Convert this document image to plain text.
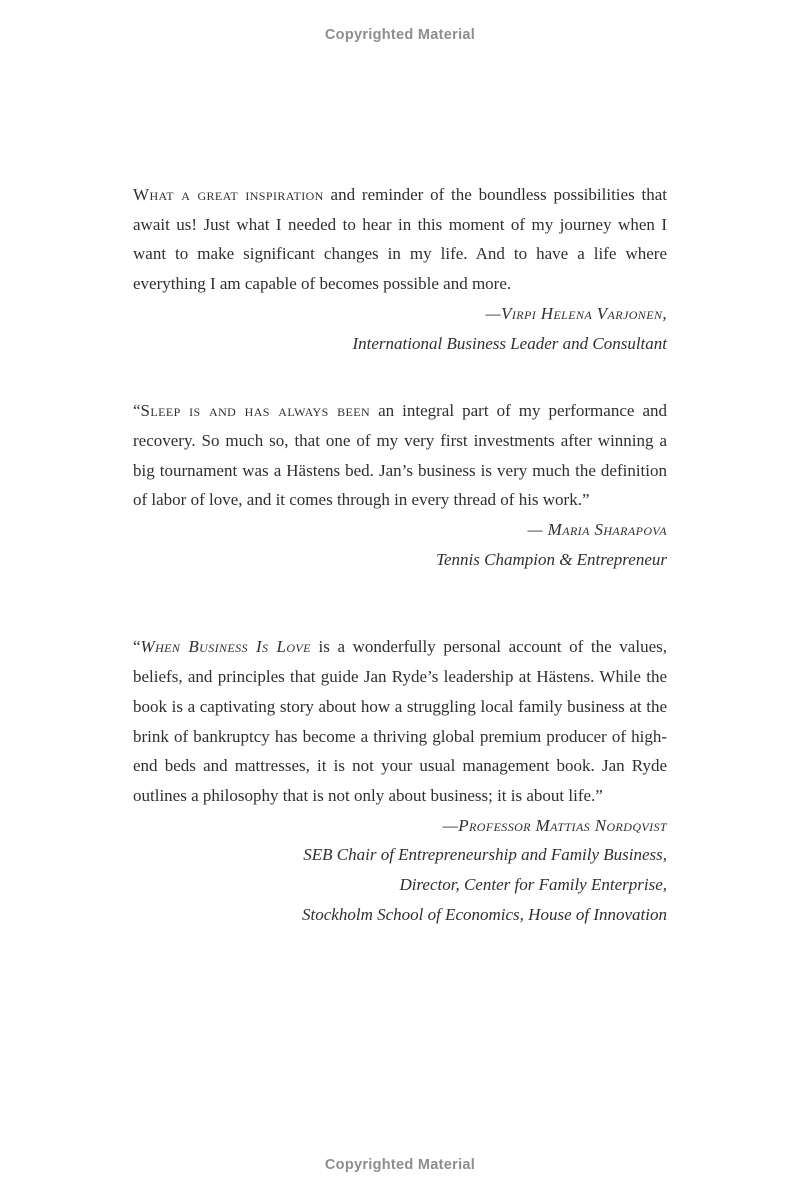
Copyrighted Material

What a great inspiration and reminder of the boundless possibilities that await us! Just what I needed to hear in this moment of my journey when I want to make significant changes in my life. And to have a life where everything I am capable of becomes possible and more.

—Virpi Helena Varjonen,
International Business Leader and Consultant

“Sleep is and has always been an integral part of my performance and recovery. So much so, that one of my very first investments after winning a big tournament was a Hästens bed. Jan’s business is very much the definition of labor of love, and it comes through in every thread of his work.”

— Maria Sharapova
Tennis Champion & Entrepreneur

“When Business Is Love is a wonderfully personal account of the values, beliefs, and principles that guide Jan Ryde’s leadership at Hästens. While the book is a captivating story about how a struggling local family business at the brink of bankruptcy has become a thriving global premium producer of high-end beds and mattresses, it is not your usual management book. Jan Ryde outlines a philosophy that is not only about business; it is about life.”

—Professor Mattias Nordqvist
SEB Chair of Entrepreneurship and Family Business,
Director, Center for Family Enterprise,
Stockholm School of Economics, House of Innovation

Copyrighted Material
